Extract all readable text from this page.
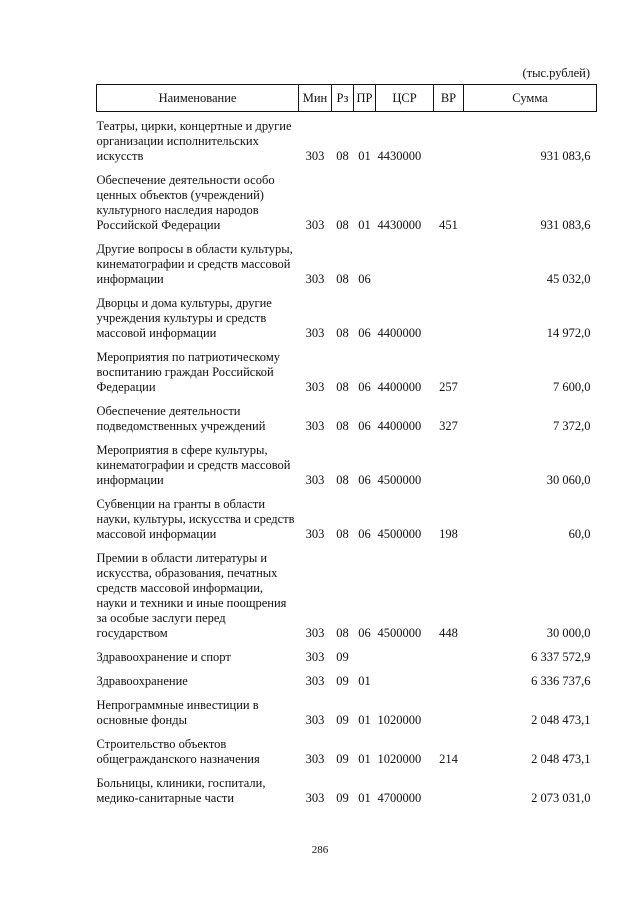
(тыс.рублей)
Наименование	Мин	Рз	ПР	ЦСР	ВР	Сумма
Театры, цирки, концертные и другие организации исполнительских искусств	303	08	01	4430000		931 083,6
Обеспечение деятельности особо ценных объектов (учреждений) культурного наследия народов Российской Федерации	303	08	01	4430000	451	931 083,6
Другие вопросы в области культуры, кинематографии и средств массовой информации	303	08	06			45 032,0
Дворцы и дома культуры, другие учреждения культуры и средств массовой информации	303	08	06	4400000		14 972,0
Мероприятия по патриотическому воспитанию граждан Российской Федерации	303	08	06	4400000	257	7 600,0
Обеспечение деятельности подведомственных учреждений	303	08	06	4400000	327	7 372,0
Мероприятия в сфере культуры, кинематографии и средств массовой информации	303	08	06	4500000		30 060,0
Субвенции на гранты в области науки, культуры, искусства и средств массовой информации	303	08	06	4500000	198	60,0
Премии в области литературы и искусства, образования, печатных средств массовой информации, науки и техники и иные поощрения за особые заслуги перед государством	303	08	06	4500000	448	30 000,0
Здравоохранение и спорт	303	09				6 337 572,9
Здравоохранение	303	09	01			6 336 737,6
Непрограммные инвестиции в основные фонды	303	09	01	1020000		2 048 473,1
Строительство объектов общегражданского назначения	303	09	01	1020000	214	2 048 473,1
Больницы, клиники, госпитали, медико-санитарные части	303	09	01	4700000		2 073 031,0
286
